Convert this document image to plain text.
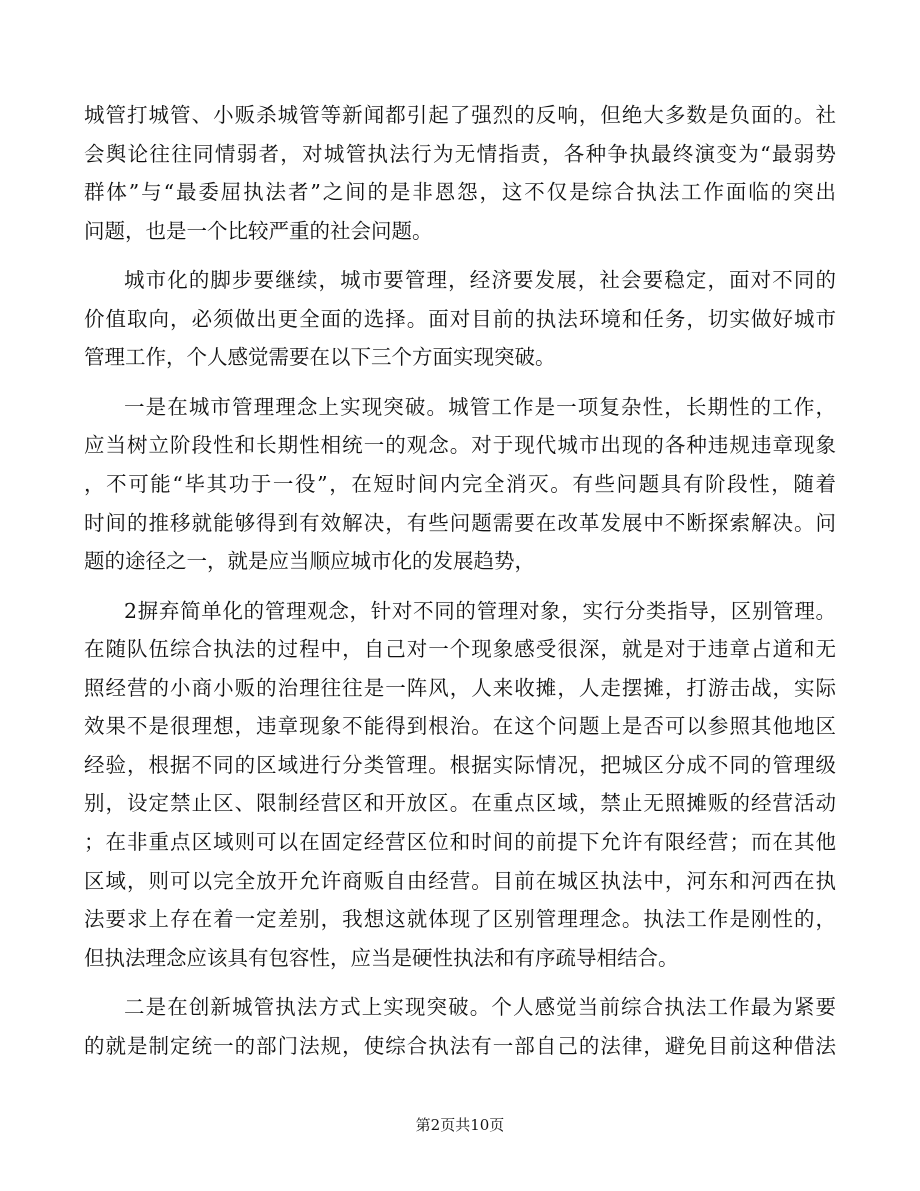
城管打城管、小贩杀城管等新闻都引起了强烈的反响，但绝大多数是负面的。社
会舆论往往同情弱者，对城管执法行为无情指责，各种争执最终演变为“最弱势
群体”与“最委屈执法者”之间的是非恩怨，这不仅是综合执法工作面临的突出
问题，也是一个比较严重的社会问题。
城市化的脚步要继续，城市要管理，经济要发展，社会要稳定，面对不同的
价值取向，必须做出更全面的选择。面对目前的执法环境和任务，切实做好城市
管理工作，个人感觉需要在以下三个方面实现突破。
一是在城市管理理念上实现突破。城管工作是一项复杂性，长期性的工作，
应当树立阶段性和长期性相统一的观念。对于现代城市出现的各种违规违章现象
，不可能“毕其功于一役”，在短时间内完全消灭。有些问题具有阶段性，随着
时间的推移就能够得到有效解决，有些问题需要在改革发展中不断探索解决。问
题的途径之一，就是应当顺应城市化的发展趋势，
2摒弃简单化的管理观念，针对不同的管理对象，实行分类指导，区别管理。
在随队伍综合执法的过程中，自己对一个现象感受很深，就是对于违章占道和无
照经营的小商小贩的治理往往是一阵风，人来收摊，人走摆摊，打游击战，实际
效果不是很理想，违章现象不能得到根治。在这个问题上是否可以参照其他地区
经验，根据不同的区域进行分类管理。根据实际情况，把城区分成不同的管理级
别，设定禁止区、限制经营区和开放区。在重点区域，禁止无照摊贩的经营活动
；在非重点区域则可以在固定经营区位和时间的前提下允许有限经营；而在其他
区域，则可以完全放开允许商贩自由经营。目前在城区执法中，河东和河西在执
法要求上存在着一定差别，我想这就体现了区别管理理念。执法工作是刚性的，
但执法理念应该具有包容性，应当是硬性执法和有序疏导相结合。
二是在创新城管执法方式上实现突破。个人感觉当前综合执法工作最为紧要
的就是制定统一的部门法规，使综合执法有一部自己的法律，避免目前这种借法
第2页共10页
